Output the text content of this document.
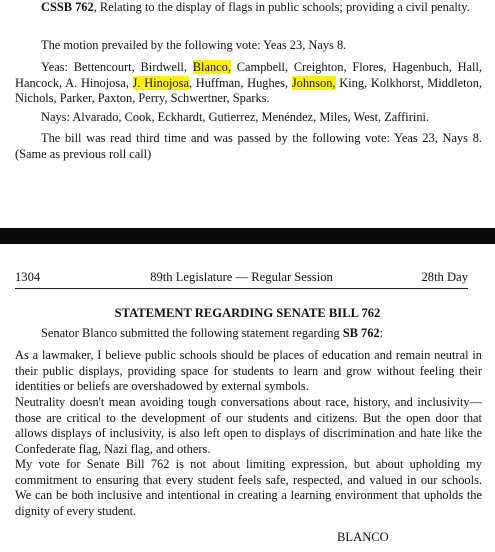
CSSB 762, Relating to the display of flags in public schools; providing a civil penalty.

The motion prevailed by the following vote: Yeas 23, Nays 8.

Yeas: Bettencourt, Birdwell, Blanco, Campbell, Creighton, Flores, Hagenbuch, Hall, Hancock, A. Hinojosa, J. Hinojosa, Huffman, Hughes, Johnson, King, Kolkhorst, Middleton, Nichols, Parker, Paxton, Perry, Schwertner, Sparks.

Nays: Alvarado, Cook, Eckhardt, Gutierrez, Menéndez, Miles, West, Zaffirini.

The bill was read third time and was passed by the following vote: Yeas 23, Nays 8. (Same as previous roll call)

1304	89th Legislature — Regular Session	28th Day
STATEMENT REGARDING SENATE BILL 762

Senator Blanco submitted the following statement regarding SB 762:

As a lawmaker, I believe public schools should be places of education and remain neutral in their public displays, providing space for students to learn and grow without feeling their identities or beliefs are overshadowed by external symbols.

Neutrality doesn't mean avoiding tough conversations about race, history, and inclusivity—those are critical to the development of our students and citizens. But the open door that allows displays of inclusivity, is also left open to displays of discrimination and hate like the Confederate flag, Nazi flag, and others.

My vote for Senate Bill 762 is not about limiting expression, but about upholding my commitment to ensuring that every student feels safe, respected, and valued in our schools. We can be both inclusive and intentional in creating a learning environment that upholds the dignity of every student.

BLANCO
